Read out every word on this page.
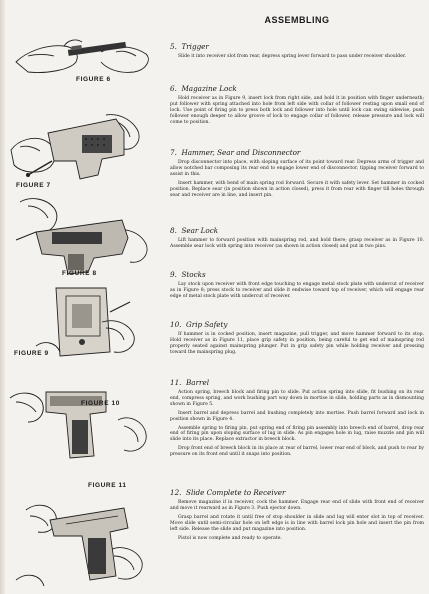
FIGURE 6
FIGURE 7
FIGURE 8
FIGURE 9
FIGURE 10
FIGURE 11
ASSEMBLING
5. Trigger

Slide it into receiver slot from rear, depress spring lever forward to pass under receiver shoulder.

6. Magazine Lock

Hold receiver as in Figure 9, insert lock from right side, and hold it in position with finger underneath; put follower with spring attached into hole from left side with collar of follower resting upon small end of lock. Use point of firing pin to press both lock and follower into hole until lock can swing sidewise, push follower enough deeper to allow groove of lock to engage collar of follower, release pressure and lock will come to position.

7. Hammer, Sear and Disconnector

Drop disconnector into place, with sloping surface of its point toward rear. Depress arms of trigger and allow notched bar composing its rear end to engage lower end of disconnector, tipping receiver forward to assist in this.

Insert hammer, with bend of main spring rod forward. Secure it with safety lever. Set hammer in cocked position. Replace sear (in position shown in action closed), press it from rear with finger till holes through sear and receiver are in line, and insert pin.

8. Sear Lock

Lift hammer to forward position with mainspring rod, and hold there; grasp receiver as in Figure 10. Assemble sear lock with spring into receiver (as shown in action closed) and put in two pins.

9. Stocks

Lay stock upon receiver with front edge touching to engage metal stock plate with undercut of receiver as in Figure 8; press stock to receiver and slide it endwise toward top of receiver, which will engage rear edge of metal stock plate with undercut of receiver.

10. Grip Safety

If hammer is in cocked position, insert magazine, pull trigger, and move hammer forward to its stop. Hold receiver as in Figure 11, place grip safety in position, being careful to get end of mainspring rod properly seated against mainspring plunger. Put in grip safety pin while holding receiver and pressing toward the mainspring plug.

11. Barrel

Action spring, breech block and firing pin to slide. Put action spring into slide, fit bushing on its rear end, compress spring, and work bushing part way down in mortise in slide, holding parts as in dismounting shown in Figure 5.

Insert barrel and depress barrel and bushing completely into mortise. Push barrel forward and lock in position shown in Figure 4.

Assemble spring to firing pin, put spring end of firing pin assembly into breech end of barrel, drop rear end of firing pin upon sloping surface of lug in slide. As pin engages hole in lug, raise muzzle and pin will slide into its place. Replace extractor in breech block.

Drop front end of breech block in its place at rear of barrel, lower rear end of block, and push to rear by pressure on its front end until it snaps into position.

12. Slide Complete to Receiver

Remove magazine if in receiver, cock the hammer. Engage rear end of slide with front end of receiver and move it rearward as in Figure 3. Push ejector down.

Grasp barrel and rotate it until free of stop shoulder in slide and lug will enter slot in top of receiver. Move slide until semi-circular hole on left edge is in line with barrel lock pin hole and insert the pin from left side. Release the slide and put magazine into position.

Pistol is now complete and ready to operate.
